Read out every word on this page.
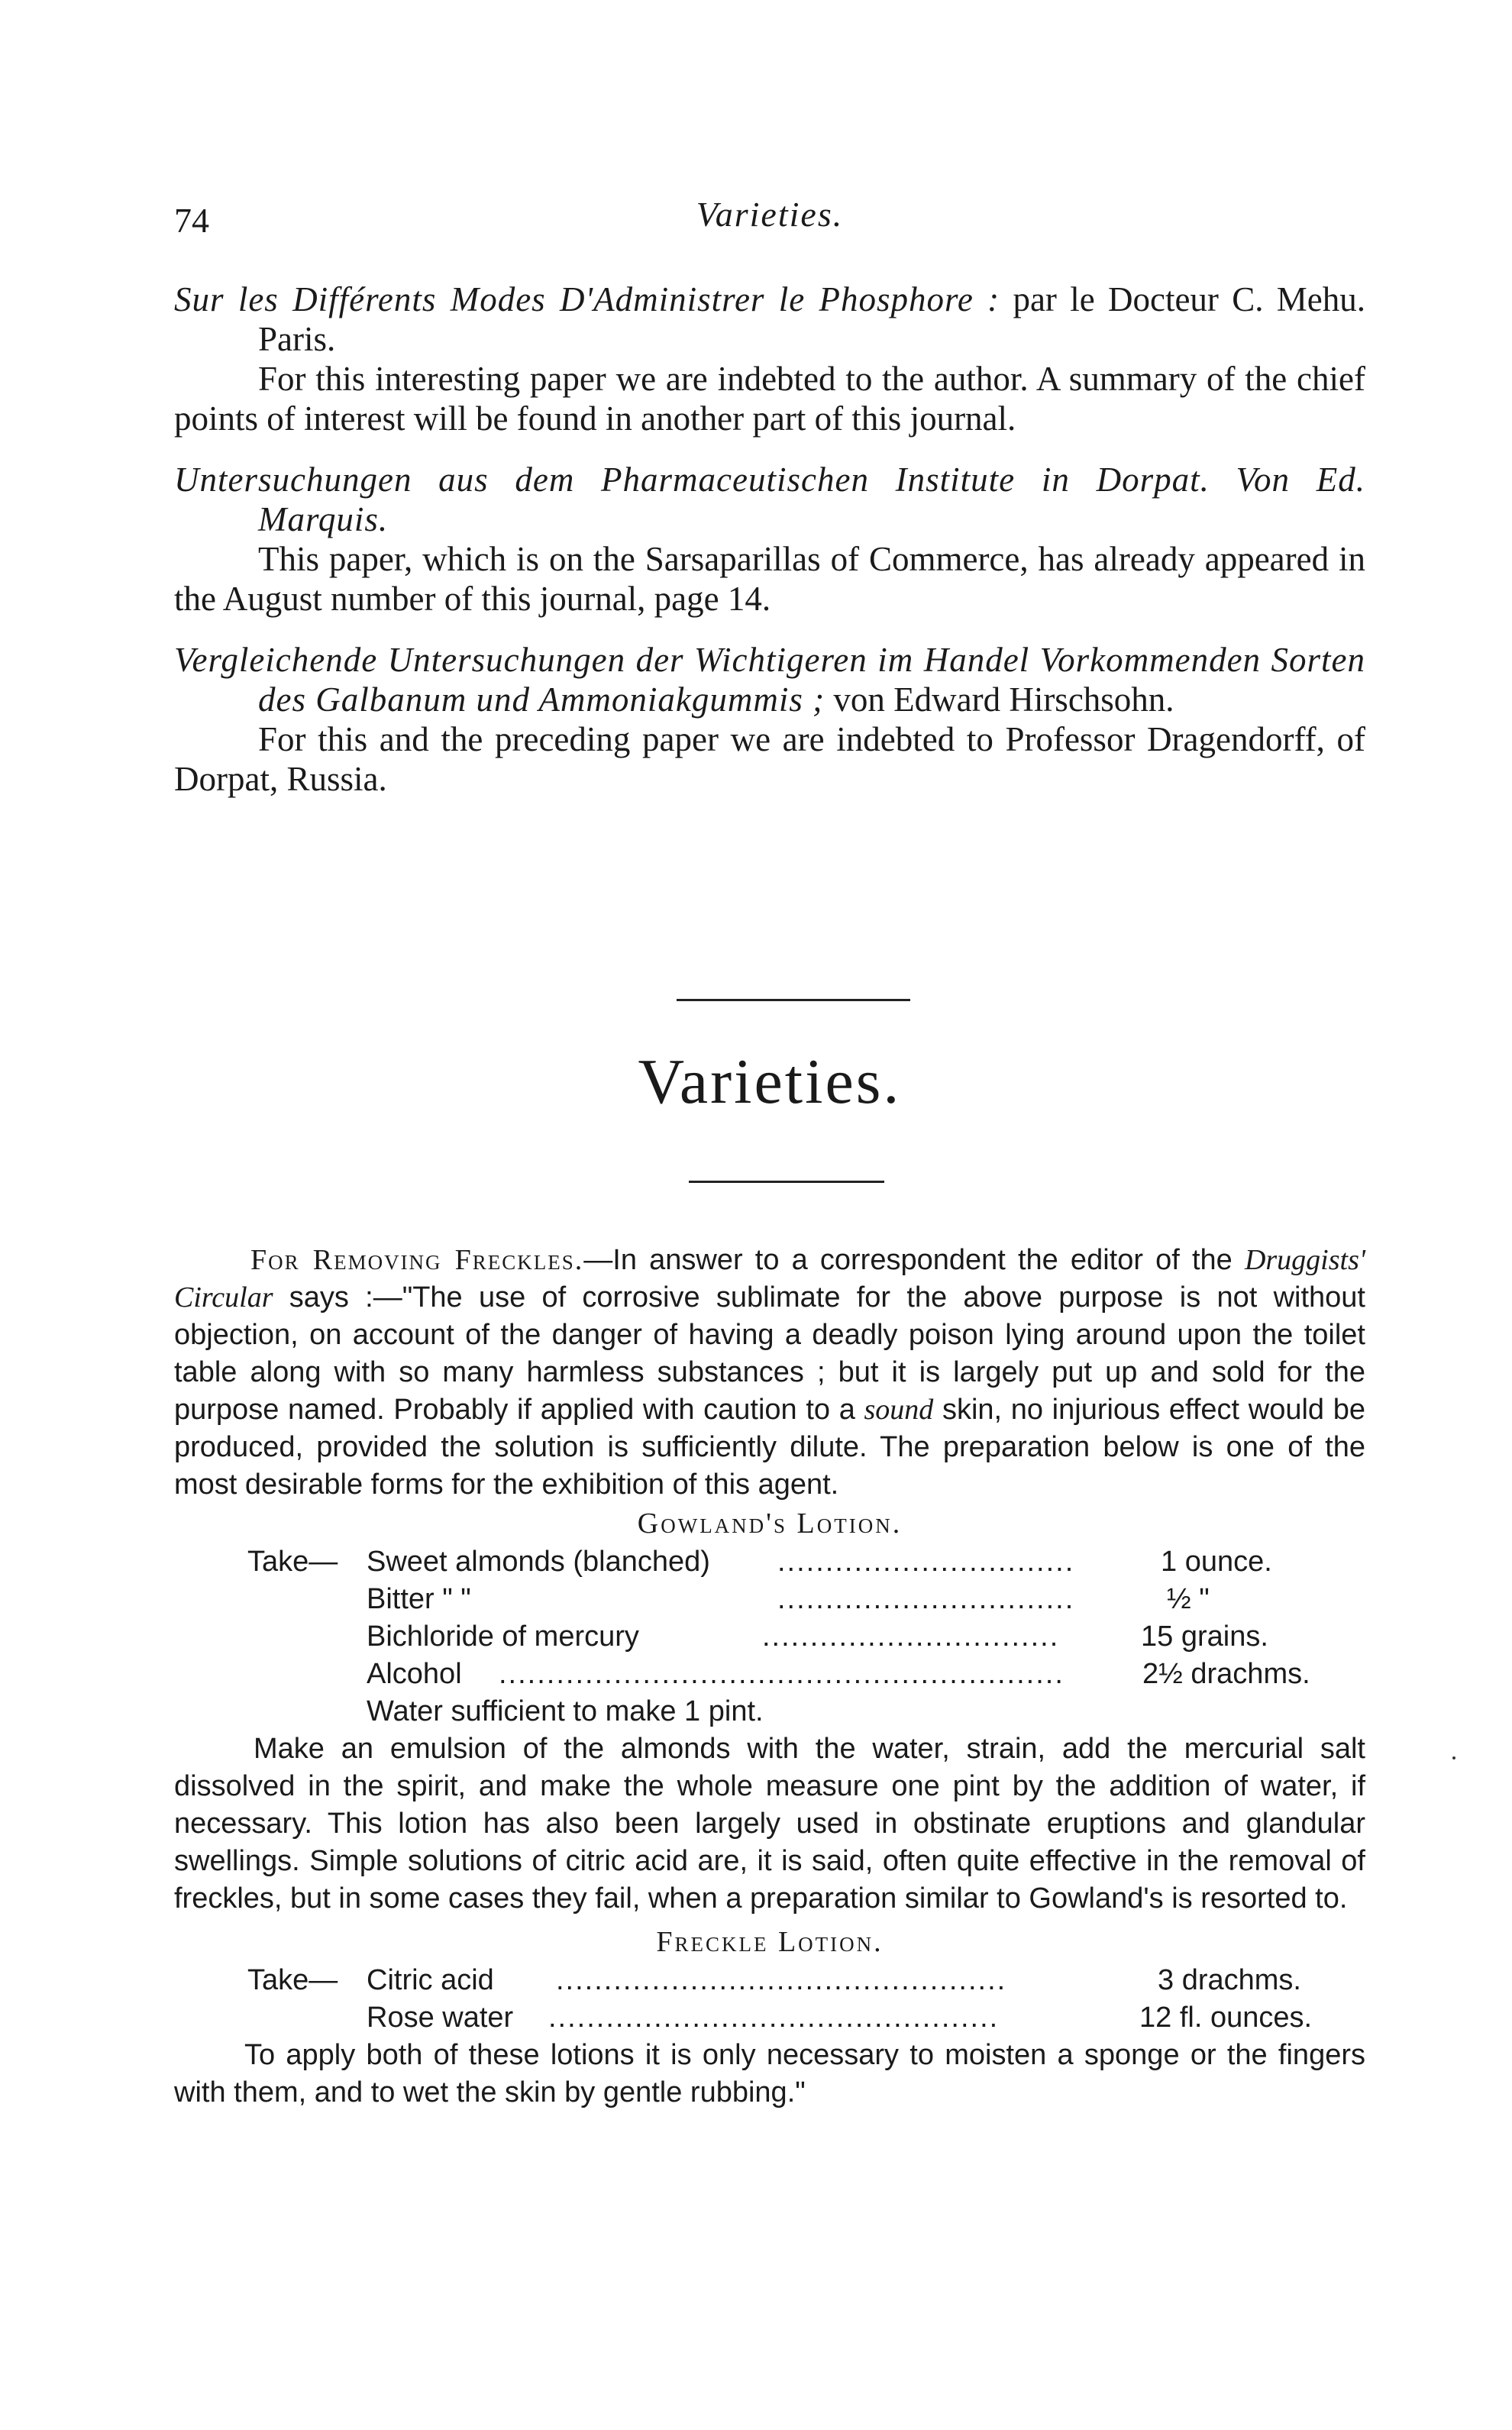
74	Varieties.

Sur les Différents Modes D'Administrer le Phosphore : par le Docteur C. Mehu. Paris.

For this interesting paper we are indebted to the author. A summary of the chief points of interest will be found in another part of this journal.

Untersuchungen aus dem Pharmaceutischen Institute in Dorpat. Von Ed. Marquis.

This paper, which is on the Sarsaparillas of Commerce, has already appeared in the August number of this journal, page 14.

Vergleichende Untersuchungen der Wichtigeren im Handel Vorkommenden Sorten des Galbanum und Ammoniakgummis ; von Edward Hirschsohn.

For this and the preceding paper we are indebted to Professor Dragendorff, of Dorpat, Russia.

Varieties.

For Removing Freckles.—In answer to a correspondent the editor of the Druggists' Circular says :—"The use of corrosive sublimate for the above purpose is not without objection, on account of the danger of having a deadly poison lying around upon the toilet table along with so many harmless substances ; but it is largely put up and sold for the purpose named. Probably if applied with caution to a sound skin, no injurious effect would be produced, provided the solution is sufficiently dilute. The preparation below is one of the most desirable forms for the exhibition of this agent.

Gowland's Lotion.
Take— Sweet almonds (blanched) ...............................	1 ounce.
Bitter " "	...............................	½ "
Bichloride of mercury	...............................	15 grains.
Alcohol ...........................................................	2½ drachms.
Water sufficient to make 1 pint.

Make an emulsion of the almonds with the water, strain, add the mercurial salt dissolved in the spirit, and make the whole measure one pint by the addition of water, if necessary. This lotion has also been largely used in obstinate eruptions and glandular swellings. Simple solutions of citric acid are, it is said, often quite effective in the removal of freckles, but in some cases they fail, when a preparation similar to Gowland's is resorted to.

Freckle Lotion.
Take— Citric acid ...............................................	3 drachms.
Rose water ...............................................	12 fl. ounces.

To apply both of these lotions it is only necessary to moisten a sponge or the fingers with them, and to wet the skin by gentle rubbing."
